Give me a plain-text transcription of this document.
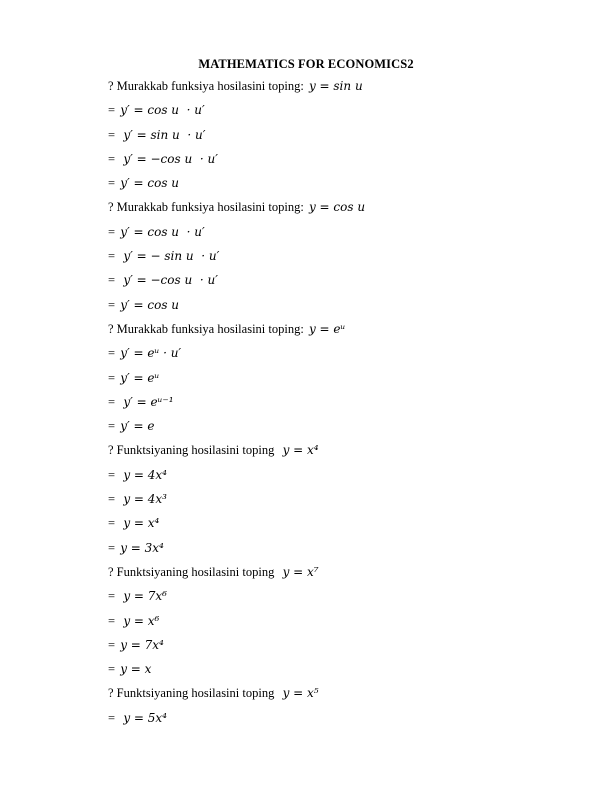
MATHEMATICS FOR ECONOMICS2
? Murakkab funksiya hosilasini toping: y = sin u
= y′ = cos u  · u′
=  y′ = sin u  · u′
=  y′ = −cos u  · u′
= y′ = cos u
? Murakkab funksiya hosilasini toping: y = cos u
= y′ = cos u  · u′
=  y′ = − sin u  · u′
=  y′ = −cos u  · u′
= y′ = cos u
? Murakkab funksiya hosilasini toping: y = eᵘ
= y′ = eᵘ · u′
= y′ = eᵘ
=  y′ = eᵘ⁻¹
= y′ = e
? Funktsiyaning hosilasini toping  y = x⁴
=  y = 4x⁴
=  y = 4x³
=  y = x⁴
= y = 3x⁴
? Funktsiyaning hosilasini toping  y = x⁷
=  y = 7x⁶
=  y = x⁶
= y = 7x⁴
= y = x
? Funktsiyaning hosilasini toping  y = x⁵
=  y = 5x⁴
